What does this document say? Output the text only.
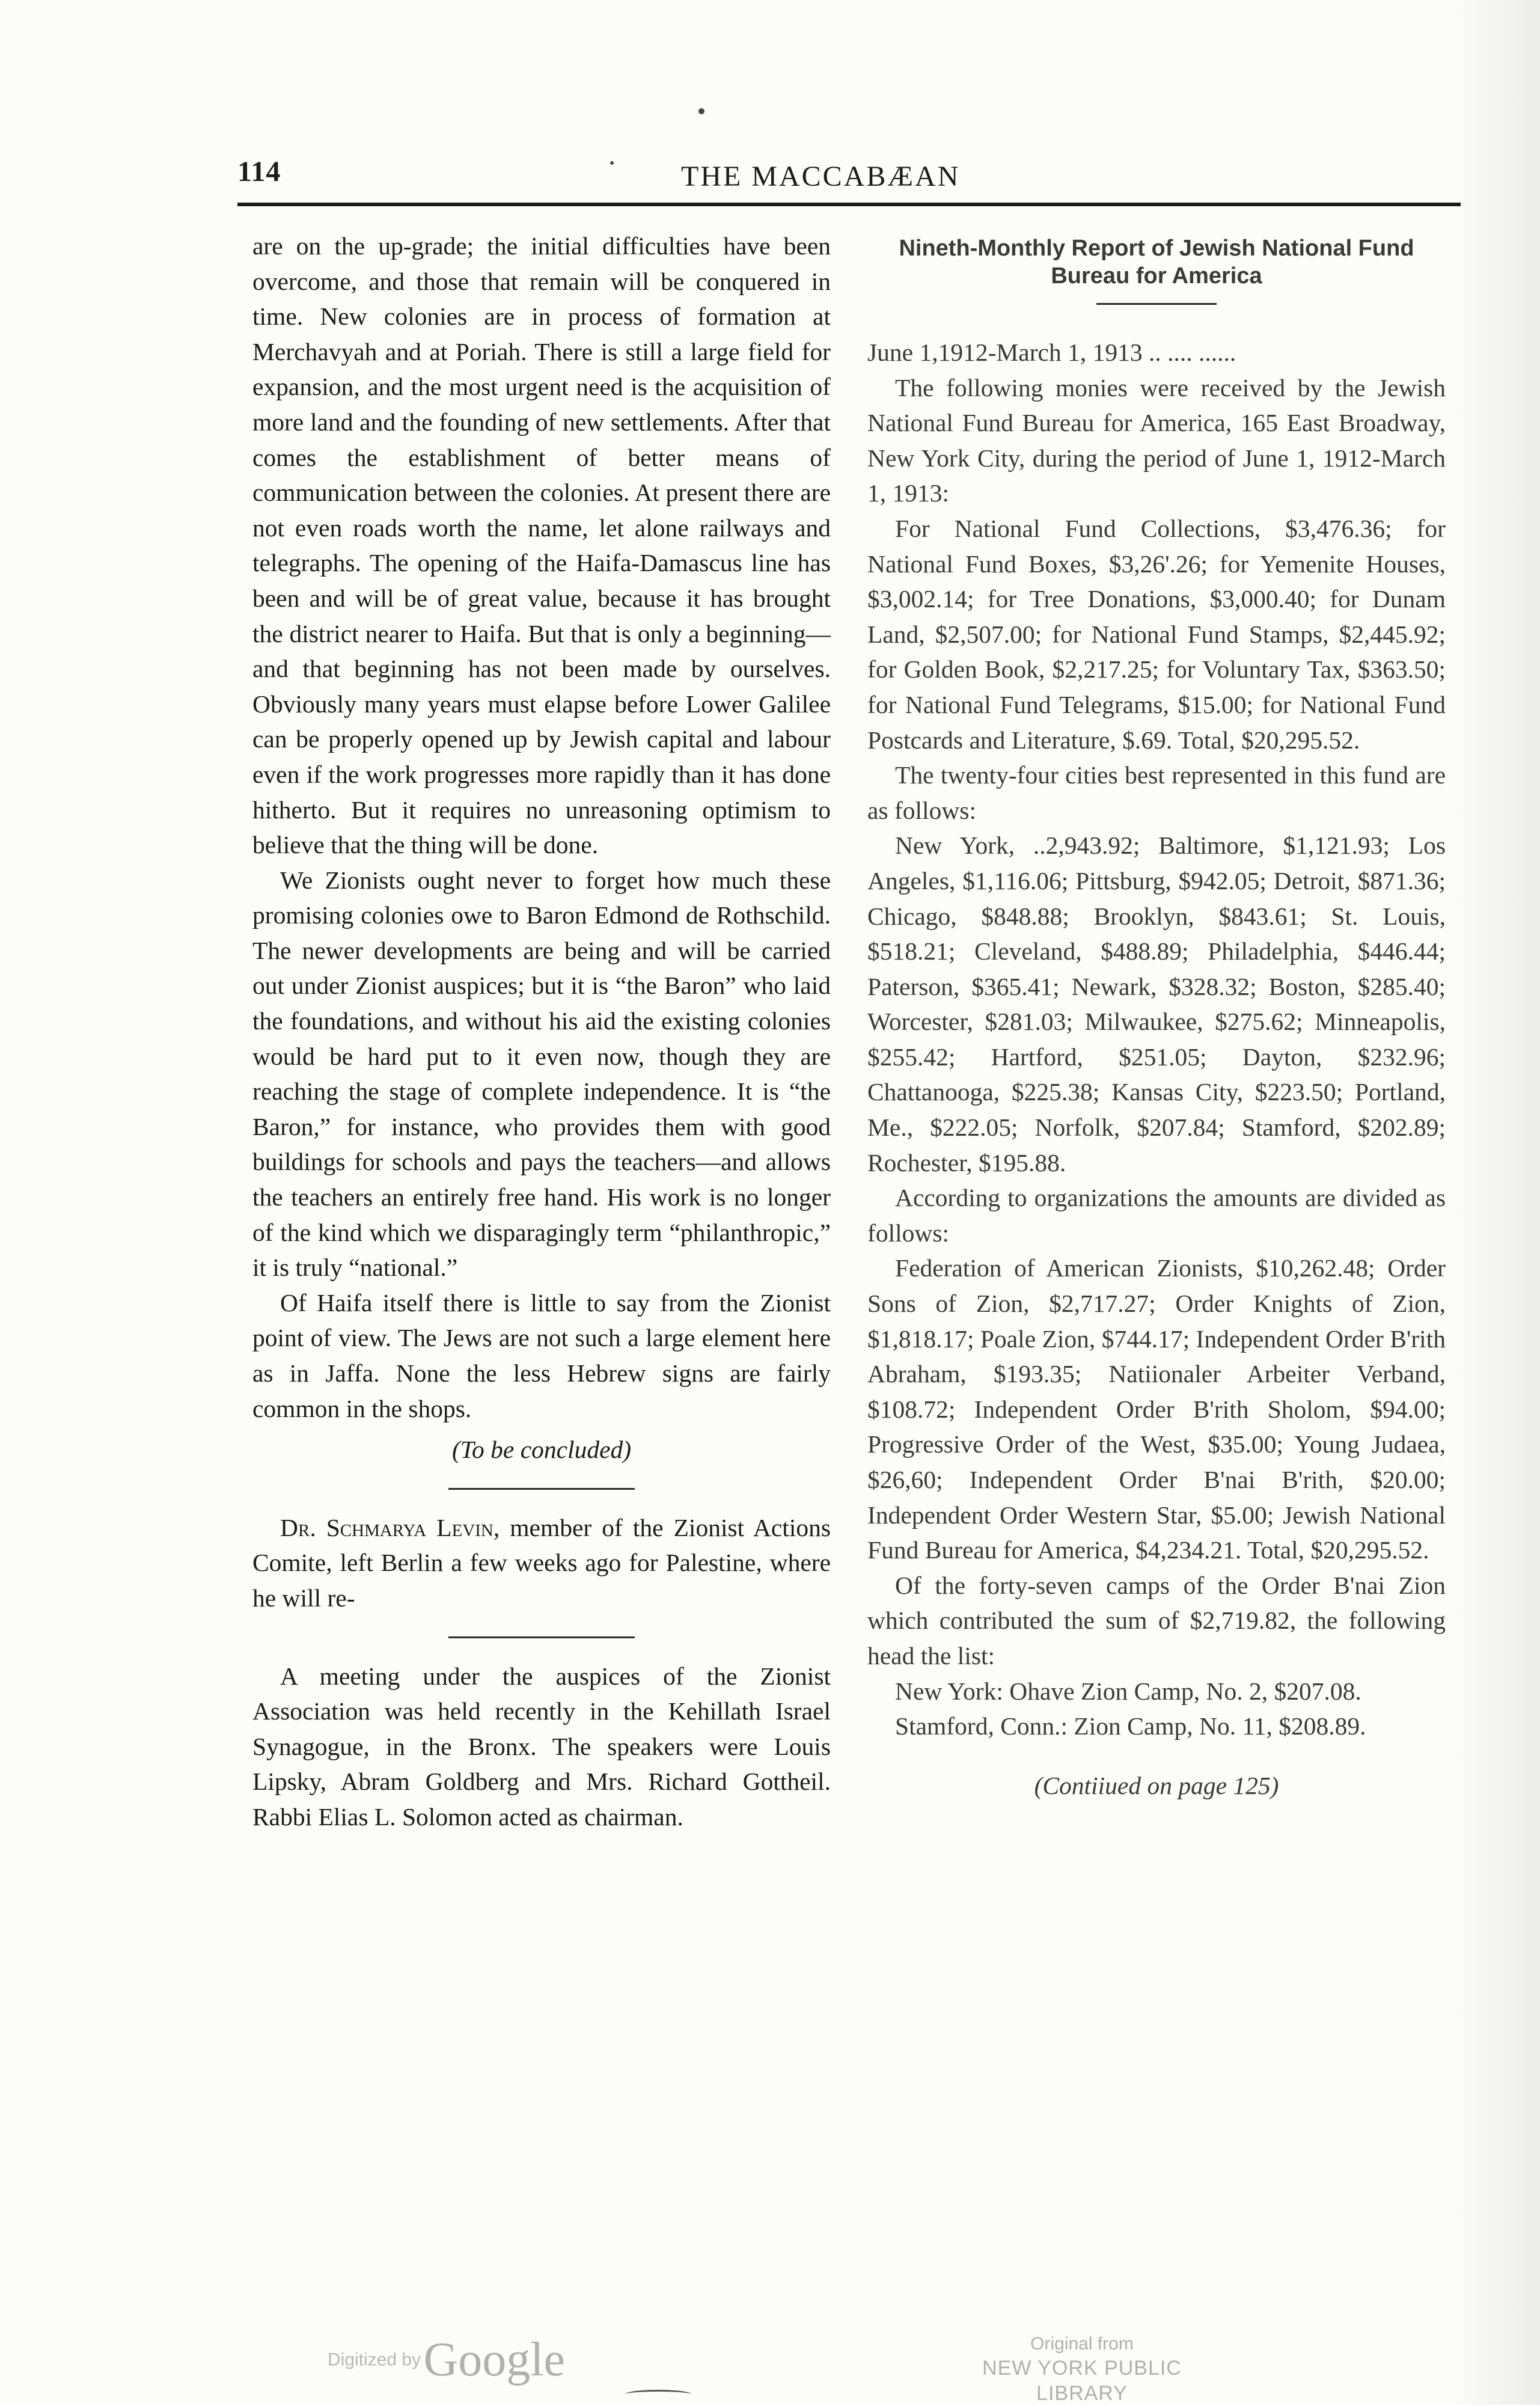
114	THE MACCABÆAN

are on the up-grade; the initial difficulties have been overcome, and those that remain will be conquered in time. New colonies are in process of formation at Merchavyah and at Poriah. There is still a large field for expansion, and the most urgent need is the acquisition of more land and the founding of new settlements. After that comes the establishment of better means of communication between the colonies. At present there are not even roads worth the name, let alone railways and telegraphs. The opening of the Haifa-Damascus line has been and will be of great value, because it has brought the district nearer to Haifa. But that is only a beginning—and that beginning has not been made by ourselves. Obviously many years must elapse before Lower Galilee can be properly opened up by Jewish capital and labour even if the work progresses more rapidly than it has done hitherto. But it requires no unreasoning optimism to believe that the thing will be done.

We Zionists ought never to forget how much these promising colonies owe to Baron Edmond de Rothschild. The newer developments are being and will be carried out under Zionist auspices; but it is “the Baron” who laid the foundations, and without his aid the existing colonies would be hard put to it even now, though they are reaching the stage of complete independence. It is “the Baron,” for instance, who provides them with good buildings for schools and pays the teachers—and allows the teachers an entirely free hand. His work is no longer of the kind which we disparagingly term “philanthropic,” it is truly “national.”

Of Haifa itself there is little to say from the Zionist point of view. The Jews are not such a large element here as in Jaffa. None the less Hebrew signs are fairly common in the shops.

(To be concluded)

Dr. Schmarya Levin, member of the Zionist Actions Comite, left Berlin a few weeks ago for Palestine, where he will re-

A meeting under the auspices of the Zionist Association was held recently in the Kehillath Israel Synagogue, in the Bronx. The speakers were Louis Lipsky, Abram Goldberg and Mrs. Richard Gottheil. Rabbi Elias L. Solomon acted as chairman.

Nineth-Monthly Report of Jewish National Fund Bureau for America

June 1,1912-March 1, 1913 .. .... ......

The following monies were received by the Jewish National Fund Bureau for America, 165 East Broadway, New York City, during the period of June 1, 1912-March 1, 1913:

For National Fund Collections, $3,476.36; for National Fund Boxes, $3,26'.26; for Yemenite Houses, $3,002.14; for Tree Donations, $3,000.40; for Dunam Land, $2,507.00; for National Fund Stamps, $2,445.92; for Golden Book, $2,217.25; for Voluntary Tax, $363.50; for National Fund Telegrams, $15.00; for National Fund Postcards and Literature, $.69. Total, $20,295.52.

The twenty-four cities best represented in this fund are as follows:

New York, ..2,943.92; Baltimore, $1,121.93; Los Angeles, $1,116.06; Pittsburg, $942.05; Detroit, $871.36; Chicago, $848.88; Brooklyn, $843.61; St. Louis, $518.21; Cleveland, $488.89; Philadelphia, $446.44; Paterson, $365.41; Newark, $328.32; Boston, $285.40; Worcester, $281.03; Milwaukee, $275.62; Minneapolis, $255.42; Hartford, $251.05; Dayton, $232.96; Chattanooga, $225.38; Kansas City, $223.50; Portland, Me., $222.05; Norfolk, $207.84; Stamford, $202.89; Rochester, $195.88.

According to organizations the amounts are divided as follows:

Federation of American Zionists, $10,262.48; Order Sons of Zion, $2,717.27; Order Knights of Zion, $1,818.17; Poale Zion, $744.17; Independent Order B'rith Abraham, $193.35; Natiionaler Arbeiter Verband, $108.72; Independent Order B'rith Sholom, $94.00; Progressive Order of the West, $35.00; Young Judaea, $26,60; Independent Order B'nai B'rith, $20.00; Independent Order Western Star, $5.00; Jewish National Fund Bureau for America, $4,234.21. Total, $20,295.52.

Of the forty-seven camps of the Order B'nai Zion which contributed the sum of $2,719.82, the following head the list:

New York: Ohave Zion Camp, No. 2, $207.08.

Stamford, Conn.: Zion Camp, No. 11, $208.89.

(Contiiued on page 125)

Digitized by Google	Original from
NEW YORK PUBLIC LIBRARY
